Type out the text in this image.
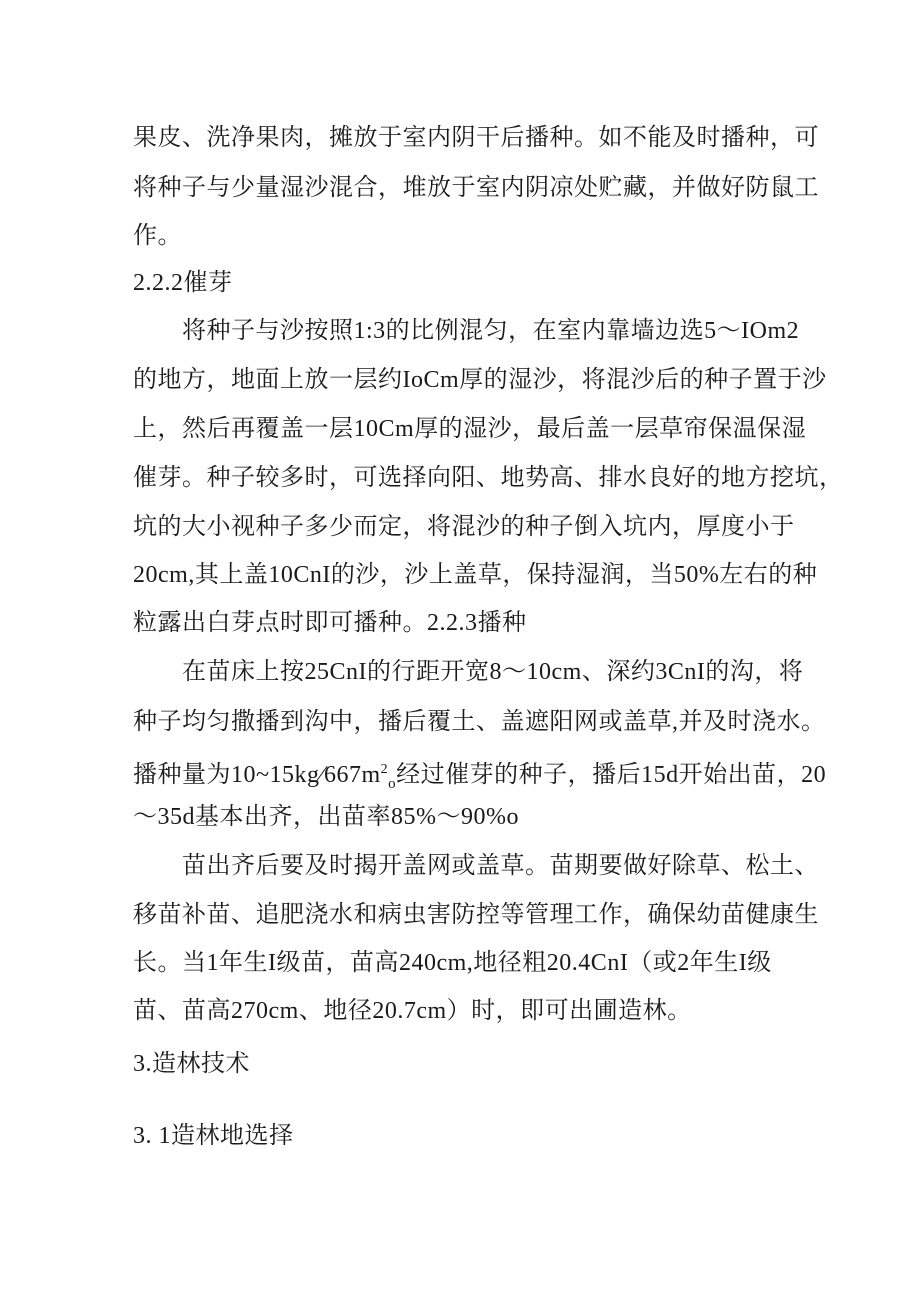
果皮、洗净果肉，摊放于室内阴干后播种。如不能及时播种，可
将种子与少量湿沙混合，堆放于室内阴凉处贮藏，并做好防鼠工
作。
2.2.2催芽
将种子与沙按照1:3的比例混匀，在室内靠墙边选5～IOm2
的地方，地面上放一层约IoCm厚的湿沙，将混沙后的种子置于沙
上，然后再覆盖一层10Cm厚的湿沙，最后盖一层草帘保温保湿
催芽。种子较多时，可选择向阳、地势高、排水良好的地方挖坑，
坑的大小视种子多少而定，将混沙的种子倒入坑内，厚度小于
20cm,其上盖10CnI的沙，沙上盖草，保持湿润，当50%左右的种
粒露出白芽点时即可播种。2.2.3播种
在苗床上按25CnI的行距开宽8～10cm、深约3CnI的沟，将
种子均匀撒播到沟中，播后覆土、盖遮阳网或盖草,并及时浇水。
播种量为$10\sim 15kg∕667m^2_o$经过催芽的种子，播后15d开始出苗，20
～35d基本出齐，出苗率85%～90%o
苗出齐后要及时揭开盖网或盖草。苗期要做好除草、松土、
移苗补苗、追肥浇水和病虫害防控等管理工作，确保幼苗健康生
长。当1年生I级苗，苗高240cm,地径粗20.4CnI（或2年生I级
苗、苗高270cm、地径20.7cm）时，即可出圃造林。
3.造林技术
3. 1造林地选择
